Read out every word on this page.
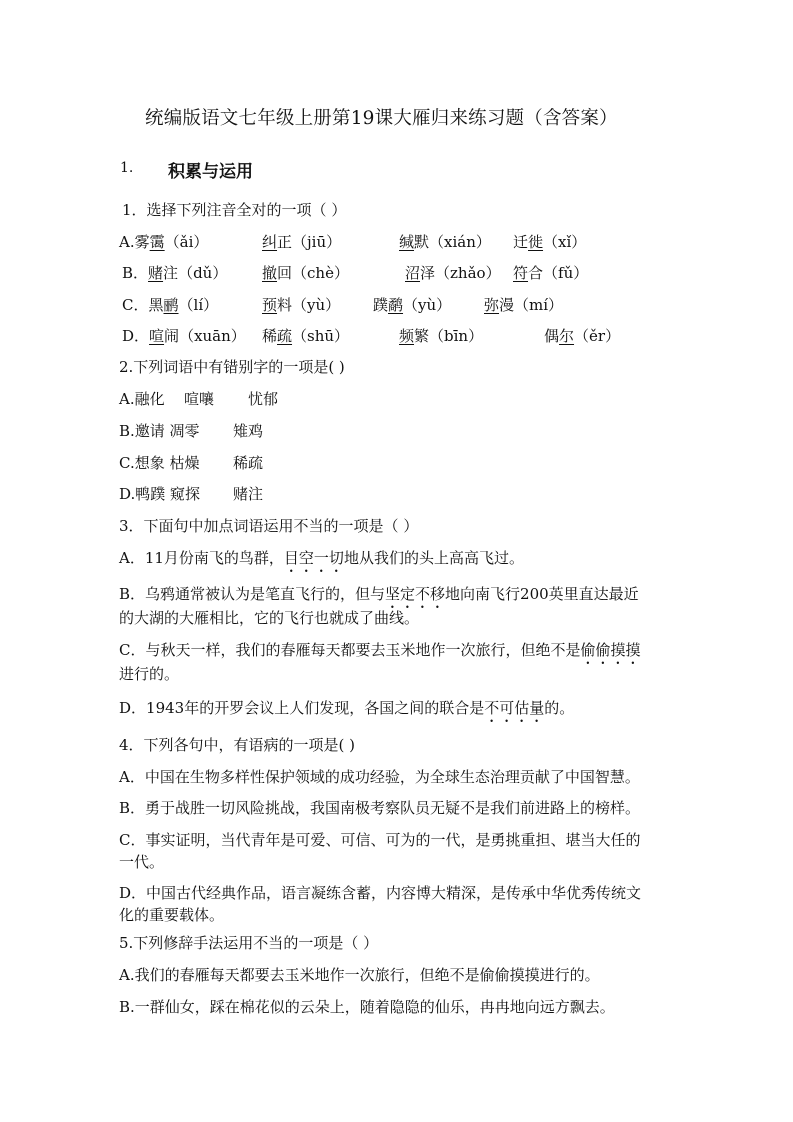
统编版语文七年级上册第19课大雁归来练习题（含答案）
1. 积累与运用
1．选择下列注音全对的一项（ ）
A.雾霭（ǎi）	纠正（jiū）	缄默（xián） 迁徙（xǐ）
B．赌注（dǔ） 撤回（chè）	沼泽（zhǎo） 符合（fǔ）
C．黑鹂（lí）	预料（yù） 蹼鹬（yù） 弥漫（mí）
D．喧闹（xuān） 稀疏（shū）	频繁（bīn）	偶尔（ěr）
2.下列词语中有错别字的一项是( )
A.融化 喧嚷 忧郁
B.邀请 凋零 雉鸡
C.想象 枯燥 稀疏
D.鸭蹼 窥探 赌注
3．下面句中加点词语运用不当的一项是（ ）
A．11月份南飞的鸟群，目空一切地从我们的头上高高飞过。
B．乌鸦通常被认为是笔直飞行的，但与坚定不移地向南飞行200英里直达最近
的大湖的大雁相比，它的飞行也就成了曲线。
C．与秋天一样，我们的春雁每天都要去玉米地作一次旅行，但绝不是偷偷摸摸
进行的。
D．1943年的开罗会议上人们发现，各国之间的联合是不可估量的。
4．下列各句中，有语病的一项是( )
A．中国在生物多样性保护领域的成功经验，为全球生态治理贡献了中国智慧。
B．勇于战胜一切风险挑战，我国南极考察队员无疑不是我们前进路上的榜样。
C．事实证明，当代青年是可爱、可信、可为的一代，是勇挑重担、堪当大任的
一代。
D．中国古代经典作品，语言凝练含蓄，内容博大精深，是传承中华优秀传统文
化的重要载体。
5.下列修辞手法运用不当的一项是（ ）
A.我们的春雁每天都要去玉米地作一次旅行，但绝不是偷偷摸摸进行的。
B.一群仙女，踩在棉花似的云朵上，随着隐隐的仙乐，冉冉地向远方飘去。
